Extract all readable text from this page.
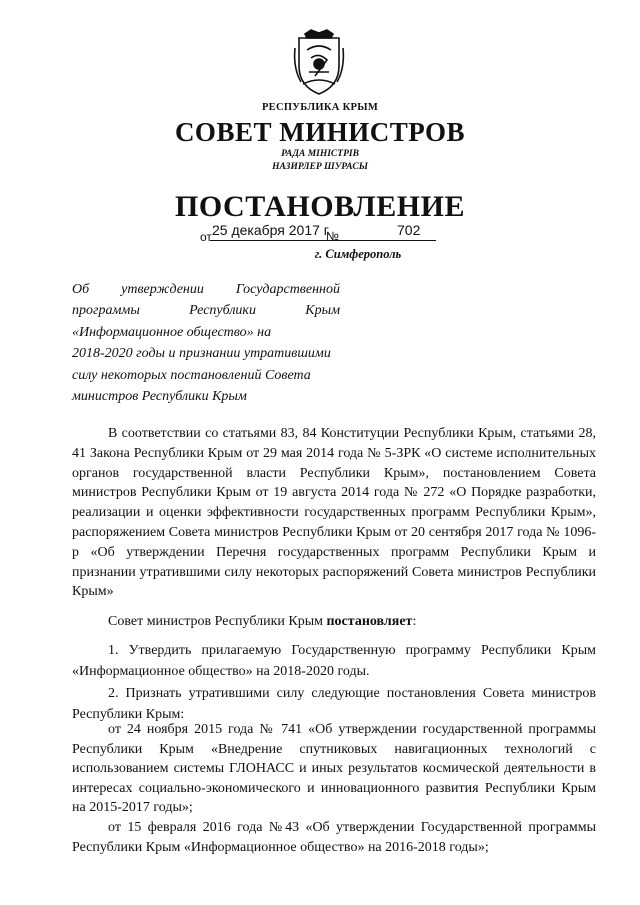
РЕСПУБЛИКА КРЫМ
СОВЕТ МИНИСТРОВ
РАДА МІНІСТРІВ
НАЗИРЛЕР ШУРАСЫ
ПОСТАНОВЛЕНИЕ
от 25 декабря 2017 г.
№	702
г. Симферополь
Об утверждении Государственной
программы Республики Крым
«Информационное общество» на
2018-2020 годы и признании утратившими
силу некоторых постановлений Совета
министров Республики Крым
В соответствии со статьями 83, 84 Конституции Республики Крым, статьями 28, 41 Закона Республики Крым от 29 мая 2014 года № 5-ЗРК «О системе исполнительных органов государственной власти Республики Крым», постановлением Совета министров Республики Крым от 19 августа 2014 года № 272 «О Порядке разработки, реализации и оценки эффективности государственных программ Республики Крым», распоряжением Совета министров Республики Крым от 20 сентября 2017 года № 1096-р «Об утверждении Перечня государственных программ Республики Крым и признании утратившими силу некоторых распоряжений Совета министров Республики Крым»
Совет министров Республики Крым постановляет:
1. Утвердить прилагаемую Государственную программу Республики Крым «Информационное общество» на 2018-2020 годы.
2. Признать утратившими силу следующие постановления Совета министров Республики Крым:
от 24 ноября 2015 года № 741 «Об утверждении государственной программы Республики Крым «Внедрение спутниковых навигационных технологий с использованием системы ГЛОНАСС и иных результатов космической деятельности в интересах социально-экономического и инновационного развития Республики Крым на 2015-2017 годы»;
от 15 февраля 2016 года №43 «Об утверждении Государственной программы Республики Крым «Информационное общество» на 2016-2018 годы»;
